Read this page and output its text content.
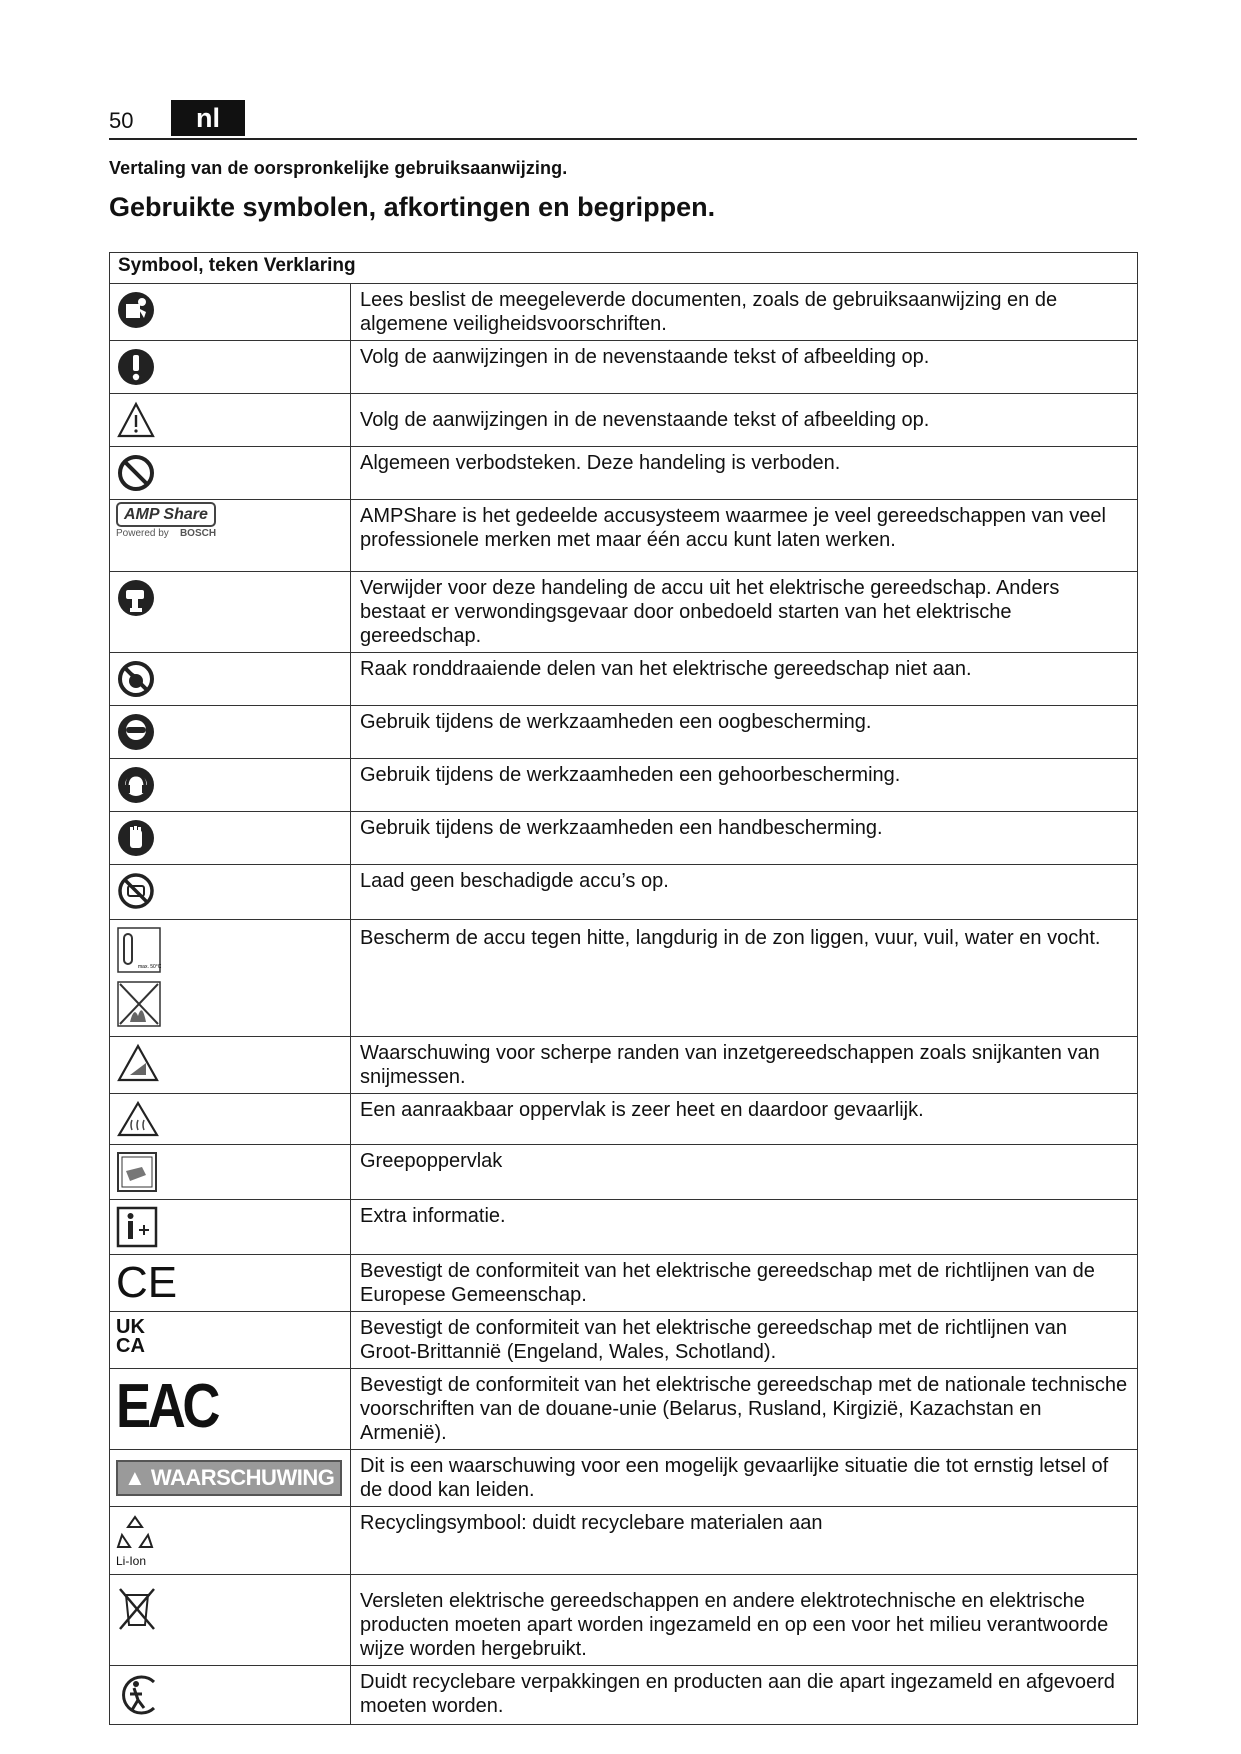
50	nl
Vertaling van de oorspronkelijke gebruiksaanwijzing.
Gebruikte symbolen, afkortingen en begrippen.
Symbool, teken Verklaring	

	Lees beslist de meegeleverde documenten, zoals de gebruiksaanwijzing en de algemene veiligheidsvoorschriften.

	Volg de aanwijzingen in de nevenstaande tekst of afbeelding op.

	Volg de aanwijzingen in de nevenstaande tekst of afbeelding op.

	Algemeen verbodsteken. Deze handeling is verboden.
AMP Share
Powered by BOSCH	AMPShare is het gedeelde accusysteem waarmee je veel gereedschappen van veel professionele merken met maar één accu kunt laten werken.

	Verwijder voor deze handeling de accu uit het elektrische gereedschap. Anders bestaat er verwondingsgevaar door onbedoeld starten van het elektrische gereedschap.

	Raak ronddraaiende delen van het elektrische gereedschap niet aan.

	Gebruik tijdens de werkzaamheden een oogbescherming.

	Gebruik tijdens de werkzaamheden een gehoorbescherming.

	Gebruik tijdens de werkzaamheden een handbescherming.

	Laad geen beschadigde accu’s op.

max. 50°C	Bescherm de accu tegen hitte, langdurig in de zon liggen, vuur, vuil, water en vocht.

	Waarschuwing voor scherpe randen van inzetgereedschappen zoals snijkanten van snijmessen.

	Een aanraakbaar oppervlak is zeer heet en daardoor gevaarlijk.

	Greepoppervlak

	Extra informatie.
CE	Bevestigt de conformiteit van het elektrische gereedschap met de richtlijnen van de Europese Gemeenschap.

UK
CA	Bevestigt de conformiteit van het elektrische gereedschap met de richtlijnen van Groot-Brittannië (Engeland, Wales, Schotland).
EAC	Bevestigt de conformiteit van het elektrische gereedschap met de nationale technische voorschriften van de douane-unie (Belarus, Rusland, Kirgizië, Kazachstan en Armenië).
▲ WAARSCHUWING	Dit is een waarschuwing voor een mogelijk gevaarlijke situatie die tot ernstig letsel of de dood kan leiden.

Li-Ion	Recyclingsymbool: duidt recyclebare materialen aan

	Versleten elektrische gereedschappen en andere elektrotechnische en elektrische producten moeten apart worden ingezameld en op een voor het milieu verantwoorde wijze worden hergebruikt.

	Duidt recyclebare verpakkingen en producten aan die apart ingezameld en afgevoerd moeten worden.
